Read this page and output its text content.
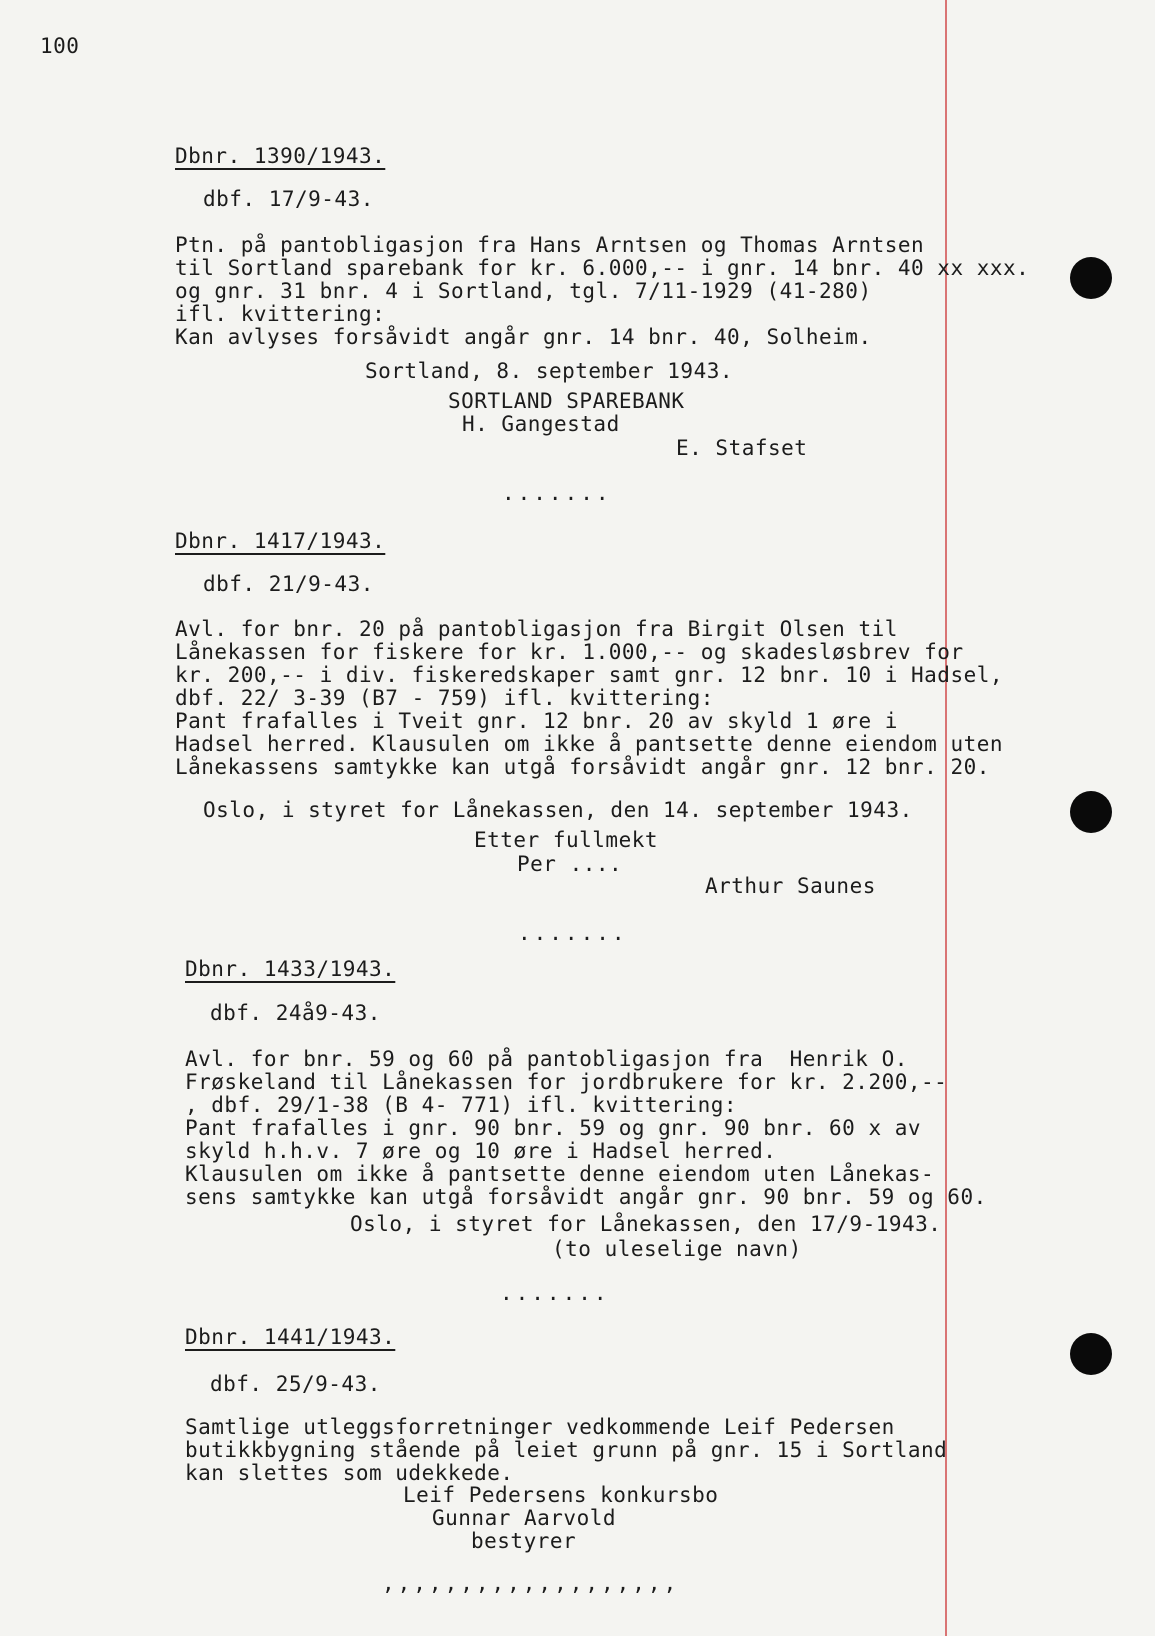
100
Dbnr. 1390/1943.
dbf. 17/9-43.
Ptn. på pantobligasjon fra Hans Arntsen og Thomas Arntsen
til Sortland sparebank for kr. 6.000,-- i gnr. 14 bnr. 40 xx xxx.
og gnr. 31 bnr. 4 i Sortland, tgl. 7/11-1929 (41-280)
ifl. kvittering:
Kan avlyses forsåvidt angår gnr. 14 bnr. 40, Solheim.
Sortland, 8. september 1943.
SORTLAND SPAREBANK
H. Gangestad
E. Stafset
.......
Dbnr. 1417/1943.
dbf. 21/9-43.
Avl. for bnr. 20 på pantobligasjon fra Birgit Olsen til
Lånekassen for fiskere for kr. 1.000,-- og skadesløsbrev for
kr. 200,-- i div. fiskeredskaper samt gnr. 12 bnr. 10 i Hadsel,
dbf. 22/ 3-39 (B7 - 759) ifl. kvittering:
Pant frafalles i Tveit gnr. 12 bnr. 20 av skyld 1 øre i
Hadsel herred. Klausulen om ikke å pantsette denne eiendom uten
Lånekassens samtykke kan utgå forsåvidt angår gnr. 12 bnr. 20.
Oslo, i styret for Lånekassen, den 14. september 1943.
Etter fullmekt
Per ....
Arthur Saunes
.......
Dbnr. 1433/1943.
dbf. 24å9-43.
Avl. for bnr. 59 og 60 på pantobligasjon fra  Henrik O.
Frøskeland til Lånekassen for jordbrukere for kr. 2.200,--
, dbf. 29/1-38 (B 4- 771) ifl. kvittering:
Pant frafalles i gnr. 90 bnr. 59 og gnr. 90 bnr. 60 x av
skyld h.h.v. 7 øre og 10 øre i Hadsel herred.
Klausulen om ikke å pantsette denne eiendom uten Lånekas-
sens samtykke kan utgå forsåvidt angår gnr. 90 bnr. 59 og 60.
Oslo, i styret for Lånekassen, den 17/9-1943.
(to uleselige navn)
.......
Dbnr. 1441/1943.
dbf. 25/9-43.
Samtlige utleggsforretninger vedkommende Leif Pedersen
butikkbygning stående på leiet grunn på gnr. 15 i Sortland
kan slettes som udekkede.
Leif Pedersens konkursbo
Gunnar Aarvold
bestyrer
,,,,,,,,,,,,,,,,,,,
